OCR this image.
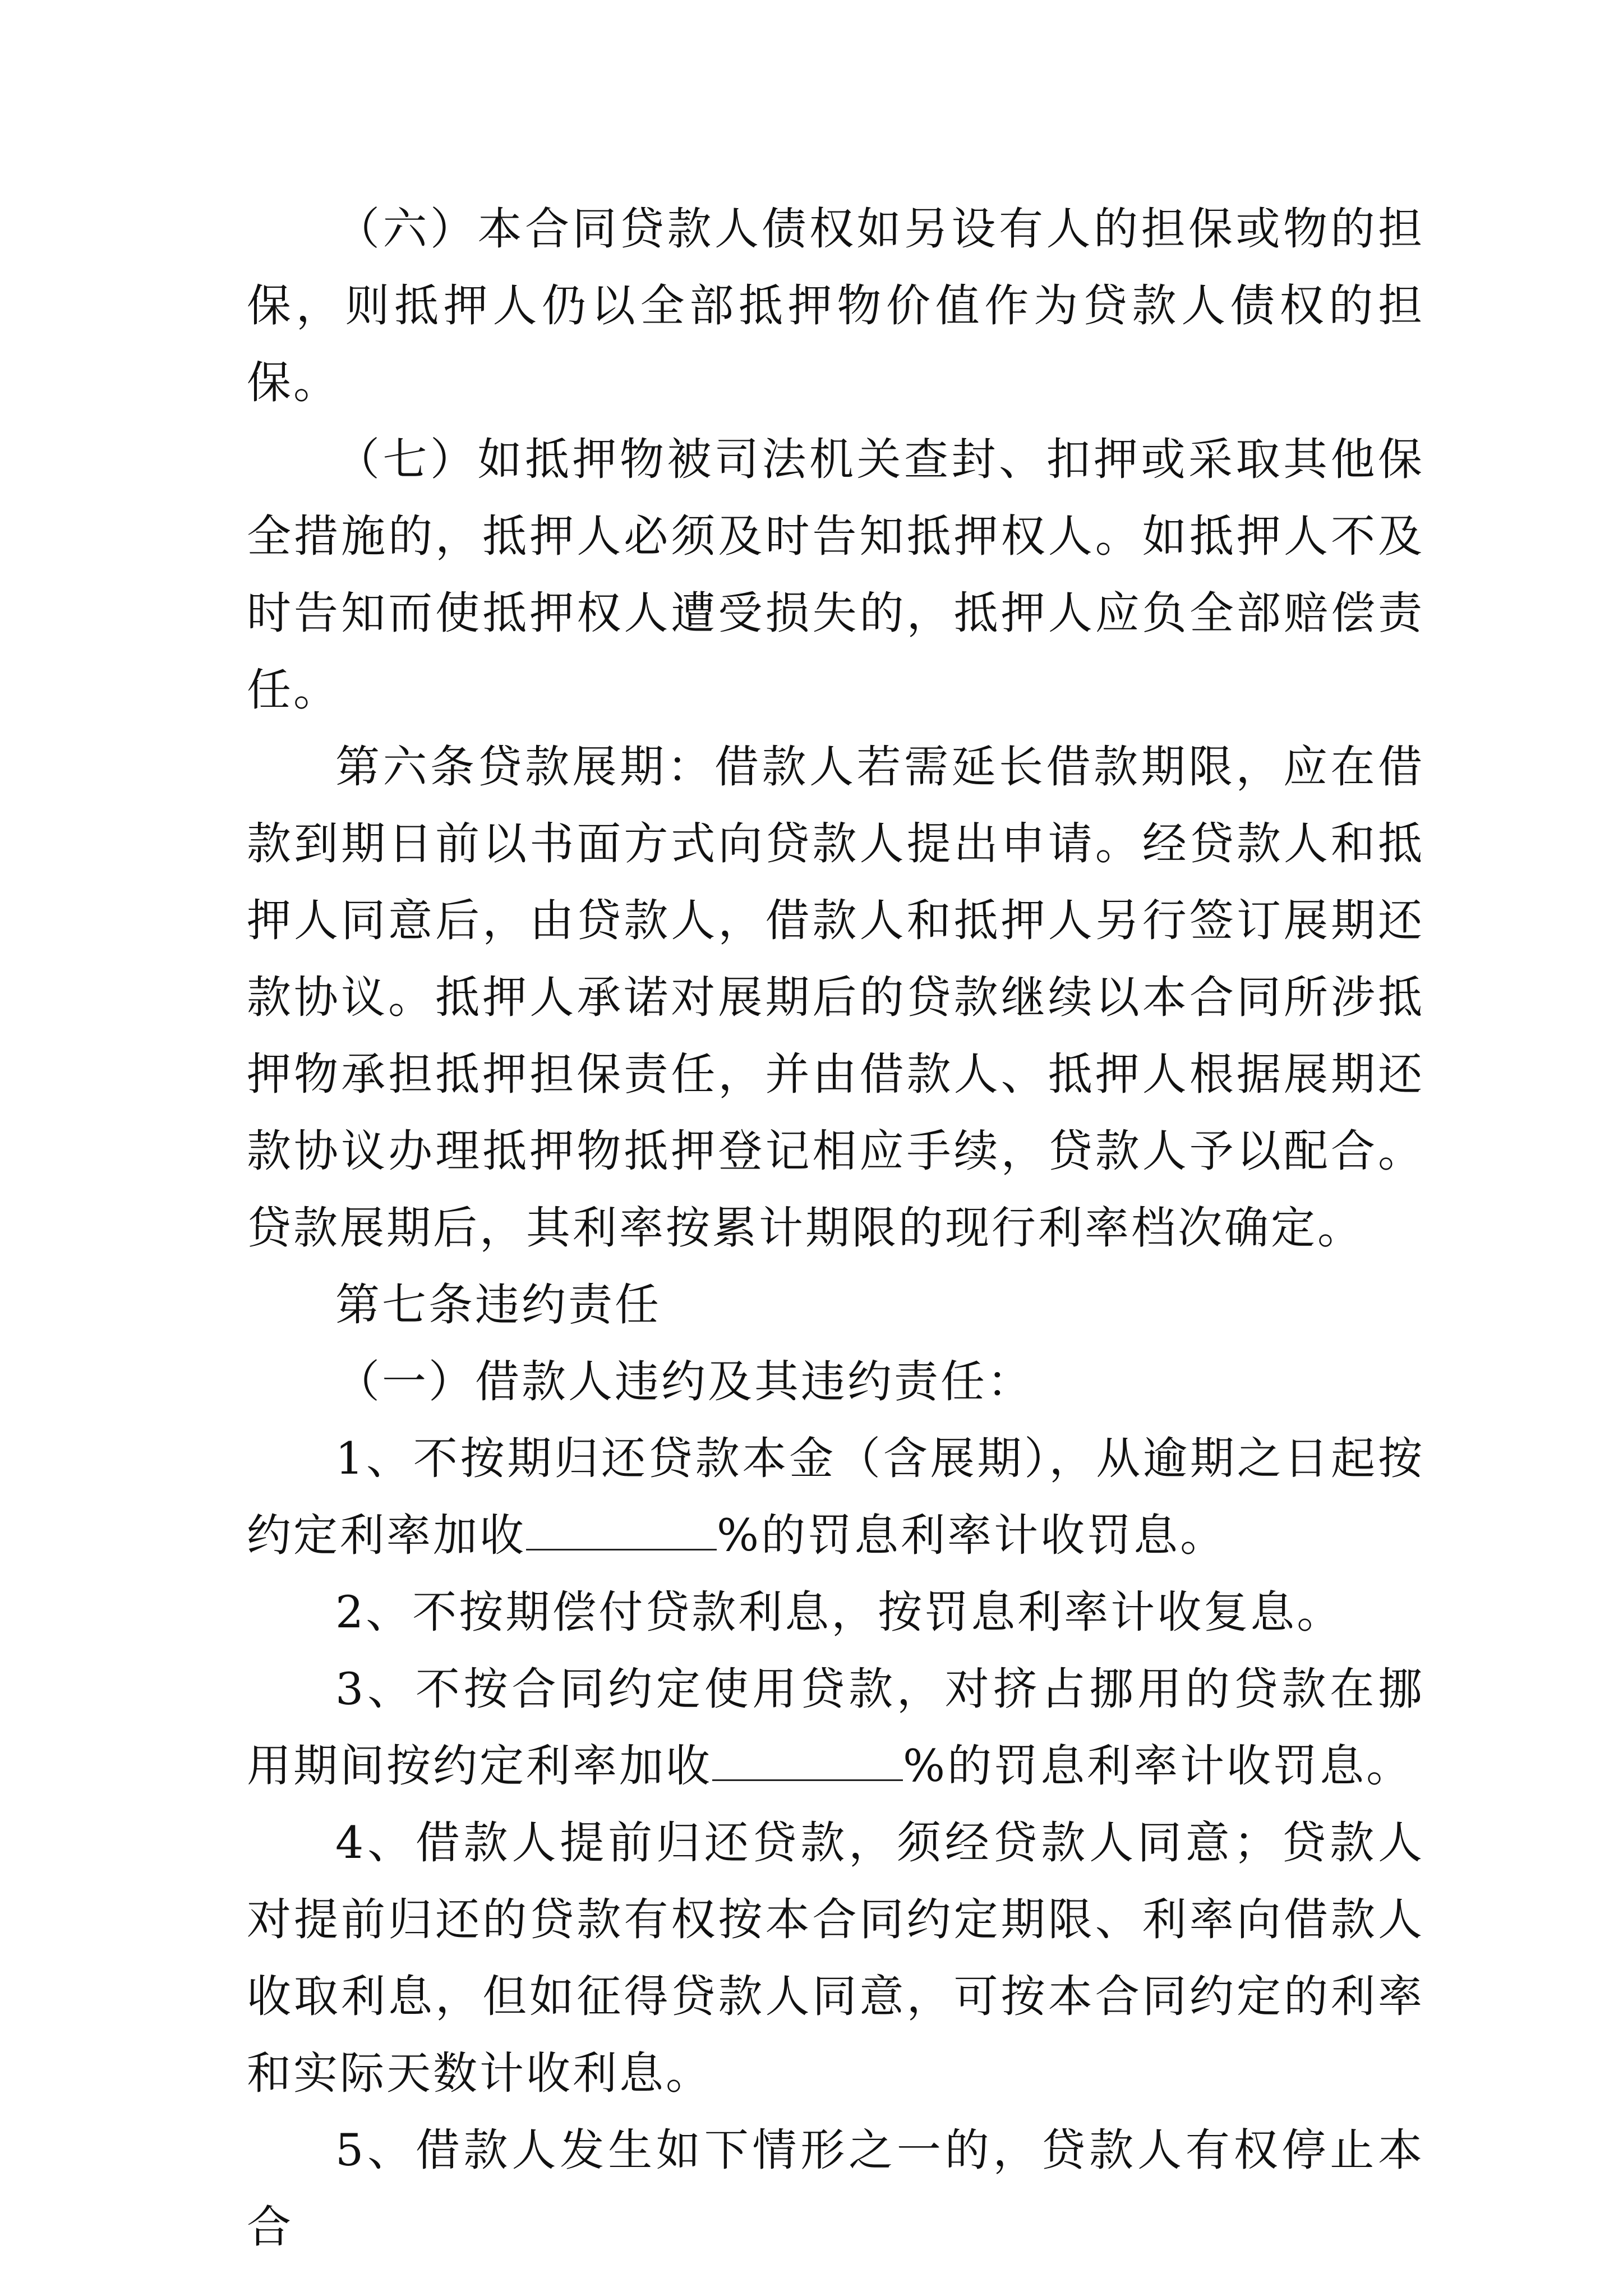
（六）本合同贷款人债权如另设有人的担保或物的担保，则抵押人仍以全部抵押物价值作为贷款人债权的担保。

（七）如抵押物被司法机关查封、扣押或采取其他保全措施的，抵押人必须及时告知抵押权人。如抵押人不及时告知而使抵押权人遭受损失的，抵押人应负全部赔偿责任。

第六条贷款展期：借款人若需延长借款期限，应在借款到期日前以书面方式向贷款人提出申请。经贷款人和抵押人同意后，由贷款人，借款人和抵押人另行签订展期还款协议。抵押人承诺对展期后的贷款继续以本合同所涉抵押物承担抵押担保责任，并由借款人、抵押人根据展期还款协议办理抵押物抵押登记相应手续，贷款人予以配合。贷款展期后，其利率按累计期限的现行利率档次确定。

第七条违约责任

（一）借款人违约及其违约责任：

1、不按期归还贷款本金（含展期），从逾期之日起按约定利率加收	%的罚息利率计收罚息。

2、不按期偿付贷款利息，按罚息利率计收复息。

3、不按合同约定使用贷款，对挤占挪用的贷款在挪用期间按约定利率加收	%的罚息利率计收罚息。

4、借款人提前归还贷款，须经贷款人同意；贷款人对提前归还的贷款有权按本合同约定期限、利率向借款人收取利息，但如征得贷款人同意，可按本合同约定的利率和实际天数计收利息。

5、借款人发生如下情形之一的，贷款人有权停止本合
